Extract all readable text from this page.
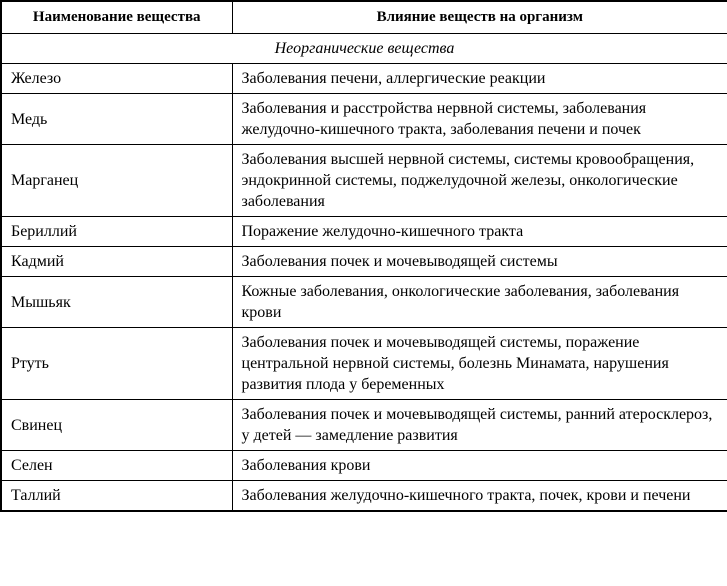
Наименование вещества	Влияние веществ на организм
Неорганические вещества	
Железо	Заболевания печени, аллергические реакции
Медь	Заболевания и расстройства нервной системы, заболевания желудочно-кишечного тракта, заболевания печени и почек
Марганец	Заболевания высшей нервной системы, системы кровообращения, эндокринной системы, поджелудочной железы, онкологические заболевания
Бериллий	Поражение желудочно-кишечного тракта
Кадмий	Заболевания почек и мочевыводящей системы
Мышьяк	Кожные заболевания, онкологические заболевания, заболевания крови
Ртуть	Заболевания почек и мочевыводящей системы, поражение центральной нервной системы, болезнь Минамата, нарушения развития плода у беременных
Свинец	Заболевания почек и мочевыводящей системы, ранний атеросклероз, у детей — замедление развития
Селен	Заболевания крови
Таллий	Заболевания желудочно-кишечного тракта, почек, крови и печени
